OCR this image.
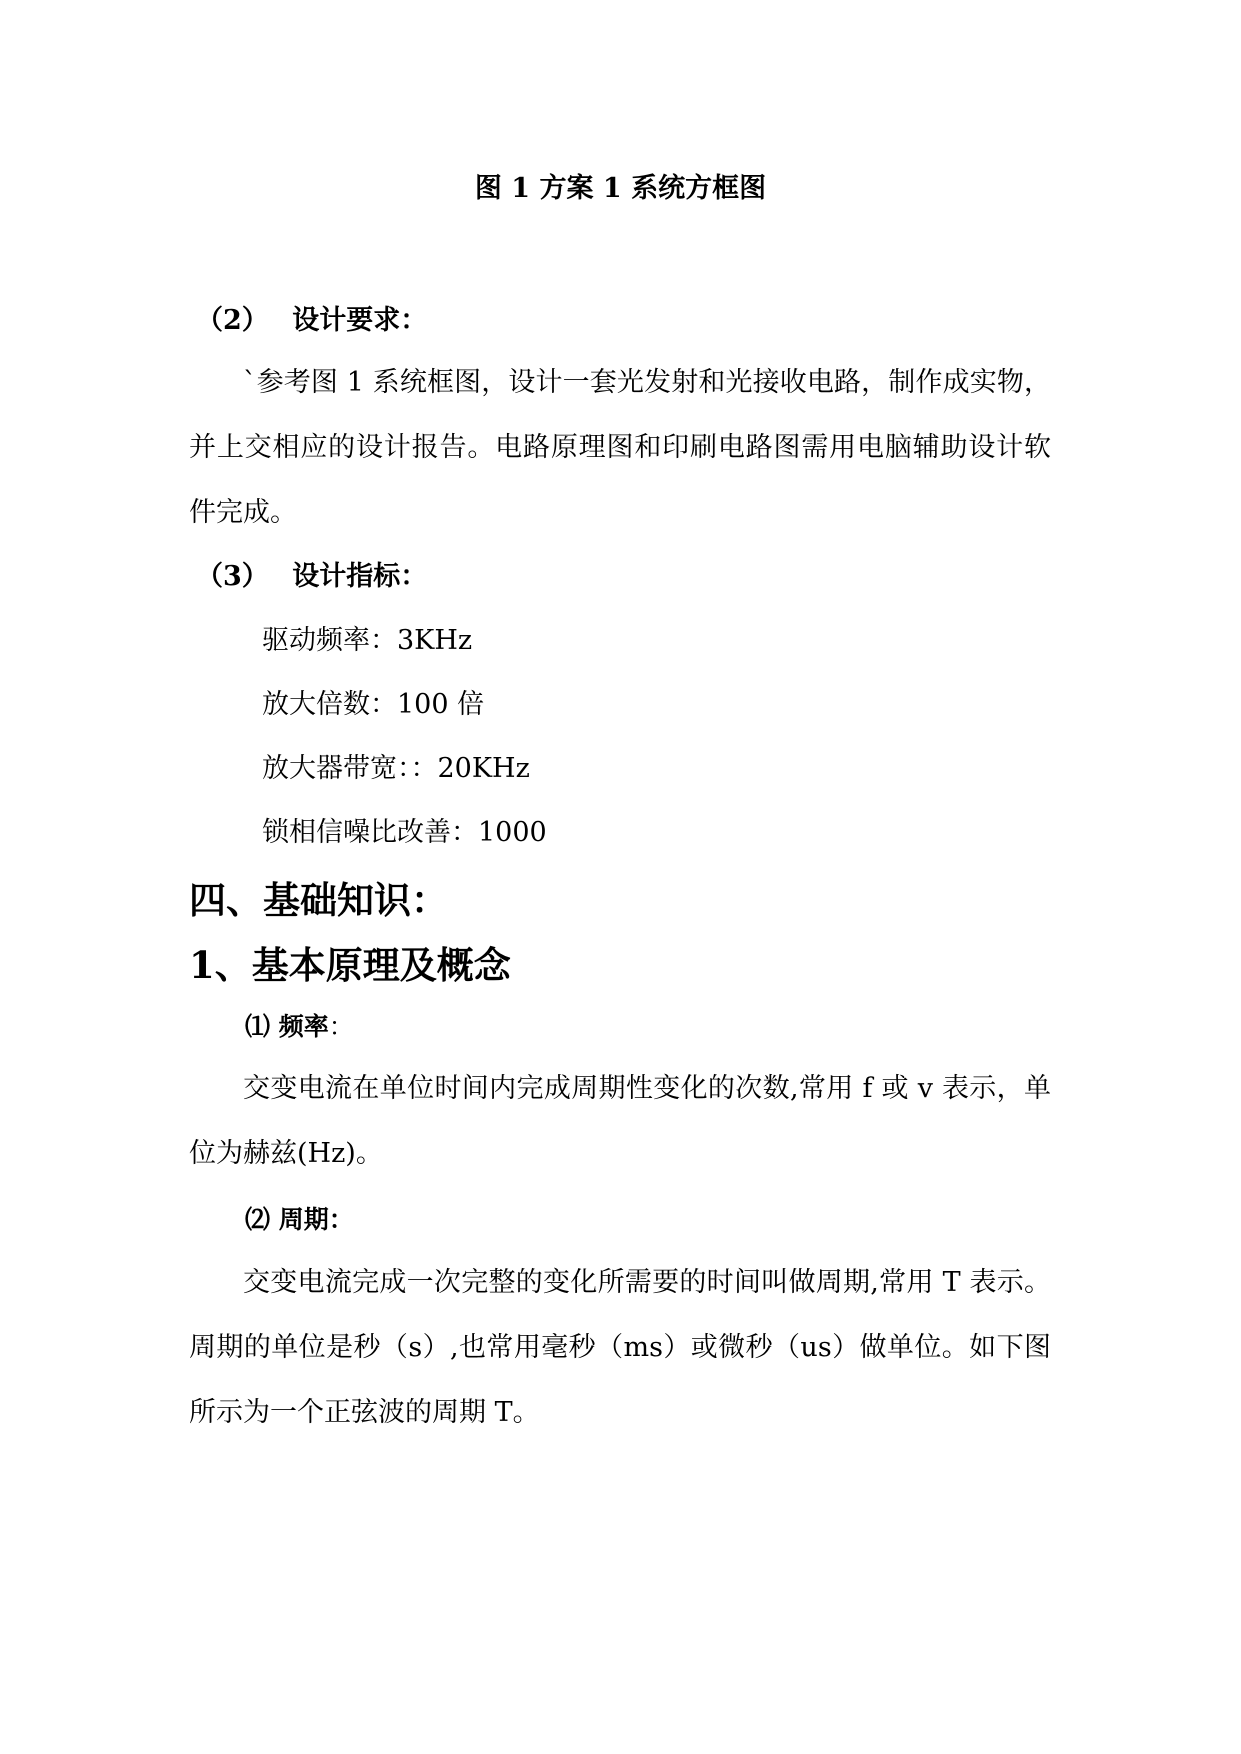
图 1 方案 1 系统方框图
（2） 设计要求：
`参考图 1 系统框图，设计一套光发射和光接收电路，制作成实物，并上交相应的设计报告。电路原理图和印刷电路图需用电脑辅助设计软件完成。
（3） 设计指标：
驱动频率：3KHz
放大倍数：100 倍
放大器带宽：：20KHz
锁相信噪比改善：1000
四、基础知识：
1、基本原理及概念
⑴ 频率：
交变电流在单位时间内完成周期性变化的次数,常用 f 或 v 表示，单位为赫兹(Hz)。
⑵ 周期：
交变电流完成一次完整的变化所需要的时间叫做周期,常用 T 表示。周期的单位是秒（s）,也常用毫秒（ms）或微秒（us）做单位。如下图所示为一个正弦波的周期 T。
